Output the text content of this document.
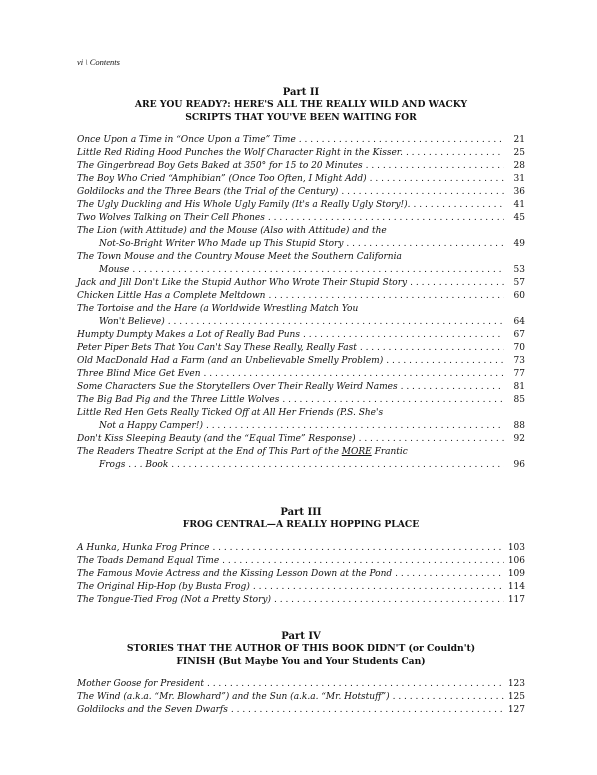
vi \ Contents
Part II
ARE YOU READY?: HERE'S ALL THE REALLY WILD AND WACKY
SCRIPTS THAT YOU'VE BEEN WAITING FOR
Once Upon a Time in “Once Upon a Time” Time . . .	21
Little Red Riding Hood Punches the Wolf Character Right in the Kisser. . . .	25
The Gingerbread Boy Gets Baked at 350° for 15 to 20 Minutes . . .	28
The Boy Who Cried “Amphibian” (Once Too Often, I Might Add) . . .	31
Goldilocks and the Three Bears (the Trial of the Century) . . .	36
The Ugly Duckling and His Whole Ugly Family (It's a Really Ugly Story!). . . .	41
Two Wolves Talking on Their Cell Phones . . .	45
The Lion (with Attitude) and the Mouse (Also with Attitude) and the
Not-So-Bright Writer Who Made up This Stupid Story . . .	49
The Town Mouse and the Country Mouse Meet the Southern California
Mouse . . .	53
Jack and Jill Don't Like the Stupid Author Who Wrote Their Stupid Story . . .	57
Chicken Little Has a Complete Meltdown . . .	60
The Tortoise and the Hare (a Worldwide Wrestling Match You
Won't Believe) . . .	64
Humpty Dumpty Makes a Lot of Really Bad Puns . . .	67
Peter Piper Bets That You Can't Say These Really, Really Fast . . .	70
Old MacDonald Had a Farm (and an Unbelievable Smelly Problem) . . .	73
Three Blind Mice Get Even . . .	77
Some Characters Sue the Storytellers Over Their Really Weird Names . . .	81
The Big Bad Pig and the Three Little Wolves . . .	85
Little Red Hen Gets Really Ticked Off at All Her Friends (P.S. She's
Not a Happy Camper!) . . .	88
Don't Kiss Sleeping Beauty (and the “Equal Time” Response) . . .	92
The Readers Theatre Script at the End of This Part of the MORE Frantic
Frogs . . . Book . . .	96
Part III
FROG CENTRAL—A REALLY HOPPING PLACE
A Hunka, Hunka Frog Prince . . .	103
The Toads Demand Equal Time . . .	106
The Famous Movie Actress and the Kissing Lesson Down at the Pond . . .	109
The Original Hip-Hop (by Busta Frog) . . .	114
The Tongue-Tied Frog (Not a Pretty Story) . . .	117
Part IV
STORIES THAT THE AUTHOR OF THIS BOOK DIDN'T (or Couldn't)
FINISH (But Maybe You and Your Students Can)
Mother Goose for President . . .	123
The Wind (a.k.a. “Mr. Blowhard”) and the Sun (a.k.a. “Mr. Hotstuff”) . . .	125
Goldilocks and the Seven Dwarfs . . .	127
